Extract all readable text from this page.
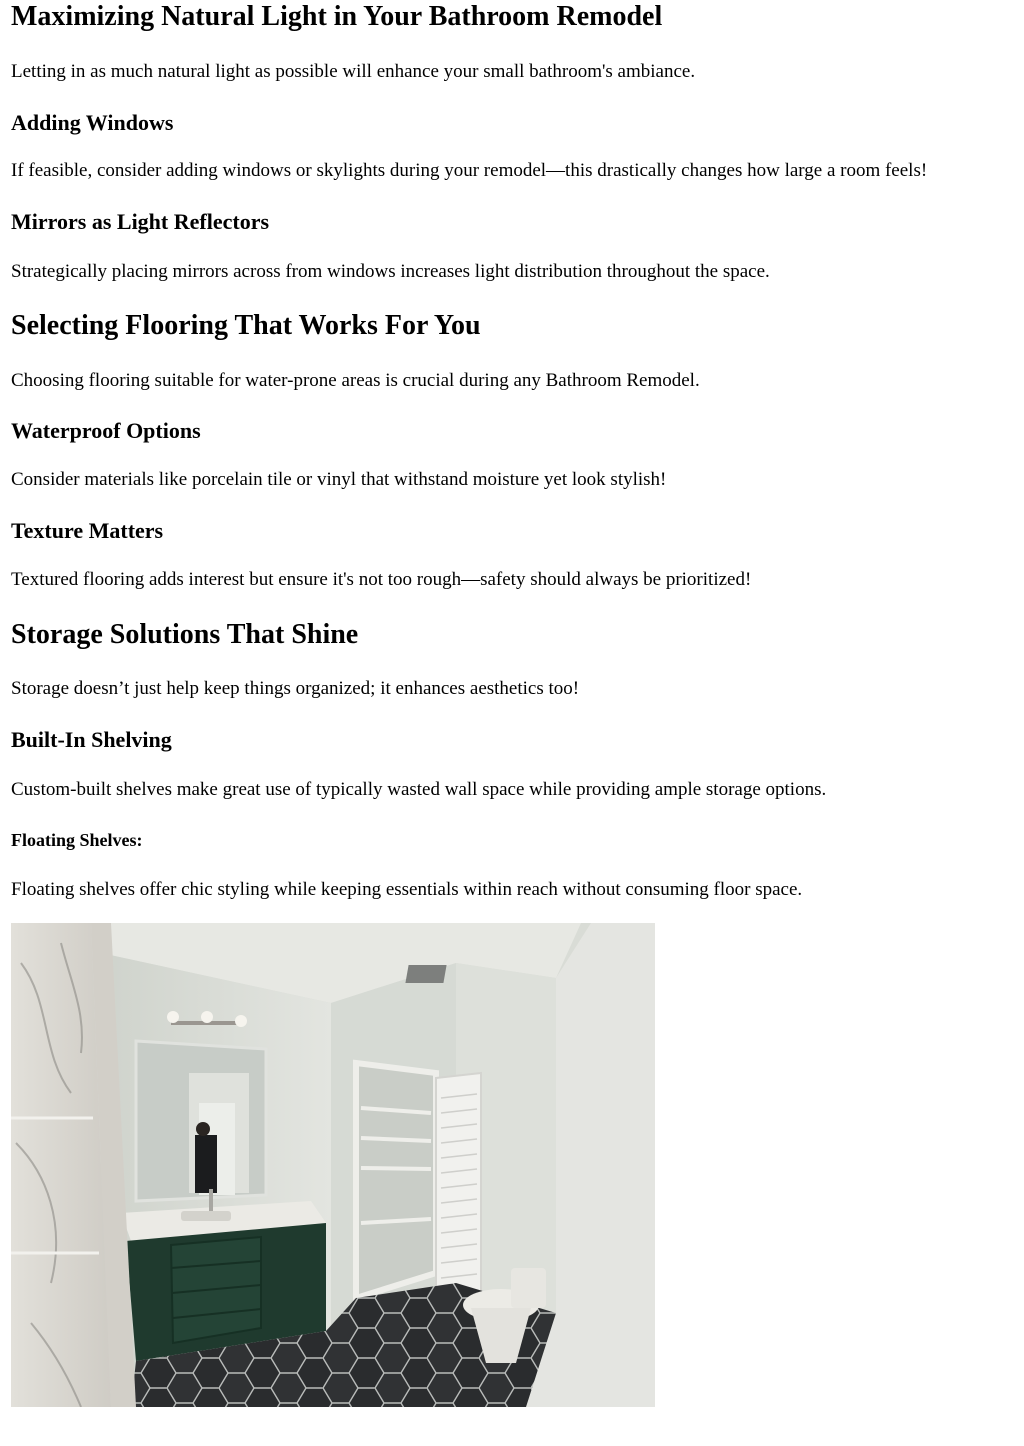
Maximizing Natural Light in Your Bathroom Remodel

Letting in as much natural light as possible will enhance your small bathroom's ambiance.

Adding Windows

If feasible, consider adding windows or skylights during your remodel—this drastically changes how large a room feels!

Mirrors as Light Reflectors

Strategically placing mirrors across from windows increases light distribution throughout the space.

Selecting Flooring That Works For You

Choosing flooring suitable for water-prone areas is crucial during any Bathroom Remodel.

Waterproof Options

Consider materials like porcelain tile or vinyl that withstand moisture yet look stylish!

Texture Matters

Textured flooring adds interest but ensure it's not too rough—safety should always be prioritized!

Storage Solutions That Shine

Storage doesn’t just help keep things organized; it enhances aesthetics too!

Built-In Shelving

Custom-built shelves make great use of typically wasted wall space while providing ample storage options.

Floating Shelves:

Floating shelves offer chic styling while keeping essentials within reach without consuming floor space.
